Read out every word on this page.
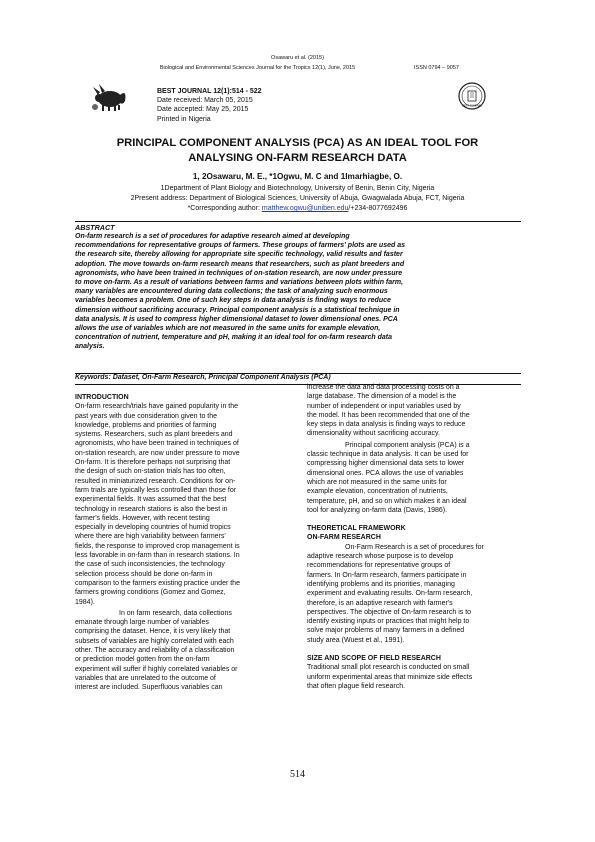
Osawaru et al. (2015)
Biological and Environmental Sciences Journal for the Tropics 12(1), June, 2015	ISSN 0794 – 9057
BEST JOURNAL
BEST JOURNAL 12(1):514 - 522
Date received: March 05, 2015
Date accepted: May 25, 2015
Printed in Nigeria
PRINCIPAL COMPONENT ANALYSIS (PCA) AS AN IDEAL TOOL FOR
ANALYSING ON-FARM RESEARCH DATA
1, 2Osawaru, M. E., *1Ogwu, M. C and 1Imarhiagbe, O.
1Department of Plant Biology and Biotechnology, University of Benin, Benin City, Nigeria
2Present address: Department of Biological Sciences, University of Abuja, Gwagwalada Abuja, FCT, Nigeria
*Corresponding author: matthew.ogwu@uniben.edu/+234-8077692496
ABSTRACT
On-farm research is a set of procedures for adaptive research aimed at developing
recommendations for representative groups of farmers. These groups of farmers' plots are used as
the research site, thereby allowing for appropriate site specific technology, valid results and faster
adoption. The move towards on-farm research means that researchers, such as plant breeders and
agronomists, who have been trained in techniques of on-station research, are now under pressure
to move on-farm. As a result of variations between farms and variations between plots within farm,
many variables are encountered during data collections; the task of analyzing such enormous
variables becomes a problem. One of such key steps in data analysis is finding ways to reduce
dimension without sacrificing accuracy. Principal component analysis is a statistical technique in
data analysis. It is used to compress higher dimensional dataset to lower dimensional ones. PCA
allows the use of variables which are not measured in the same units for example elevation,
concentration of nutrient, temperature and pH, making it an ideal tool for on-farm research data
analysis.
Keywords: Dataset, On-Farm Research, Principal Component Analysis (PCA)
INTRODUCTION
On-farm research/trials have gained popularity in the
past years with due consideration given to the
knowledge, problems and priorities of farming
systems. Researchers, such as plant breeders and
agronomists, who have been trained in techniques of
on-station research, are now under pressure to move
On-farm. It is therefore perhaps not surprising that
the design of such on-station trials has too often,
resulted in miniaturized research. Conditions for on-
farm trials are typically less controlled than those for
experimental fields. It was assumed that the best
technology in research stations is also the best in
farmer's fields. However, with recent testing
especially in developing countries of humid tropics
where there are high variability between farmers'
fields, the response to improved crop management is
less favorable in on-farm than in research stations. In
the case of such inconsistencies, the technology
selection process should be done on-farm in
comparison to the farmers existing practice under the
farmers growing conditions (Gomez and Gomez,
1984).
In on farm research, data collections
emanate through large number of variables
comprising the dataset. Hence, it is very likely that
subsets of variables are highly correlated with each
other. The accuracy and reliability of a classification
or prediction model gotten from the on-farm
experiment will suffer if highly correlated variables or
variables that are unrelated to the outcome of
interest are included. Superfluous variables can
increase the data and data processing costs on a
large database. The dimension of a model is the
number of independent or input variables used by
the model. It has been recommended that one of the
key steps in data analysis is finding ways to reduce
dimensionality without sacrificing accuracy.
Principal component analysis (PCA) is a
classic technique in data analysis. It can be used for
compressing higher dimensional data sets to lower
dimensional ones. PCA allows the use of variables
which are not measured in the same units for
example elevation, concentration of nutrients,
temperature, pH, and so on which makes it an ideal
tool for analyzing on-farm data (Davis, 1986).
THEORETICAL FRAMEWORK
ON-FARM RESEARCH
On-Farm Research is a set of procedures for
adaptive research whose purpose is to develop
recommendations for representative groups of
farmers. In On-farm research, farmers participate in
identifying problems and its priorities, managing
experiment and evaluating results. On-farm research,
therefore, is an adaptive research with farmer's
perspectives. The objective of On-farm research is to
identify existing inputs or practices that might help to
solve major problems of many farmers in a defined
study area (Wuest et al., 1991).
SIZE AND SCOPE OF FIELD RESEARCH
Traditional small plot research is conducted on small
uniform experimental areas that minimize side effects
that often plague field research.
514
